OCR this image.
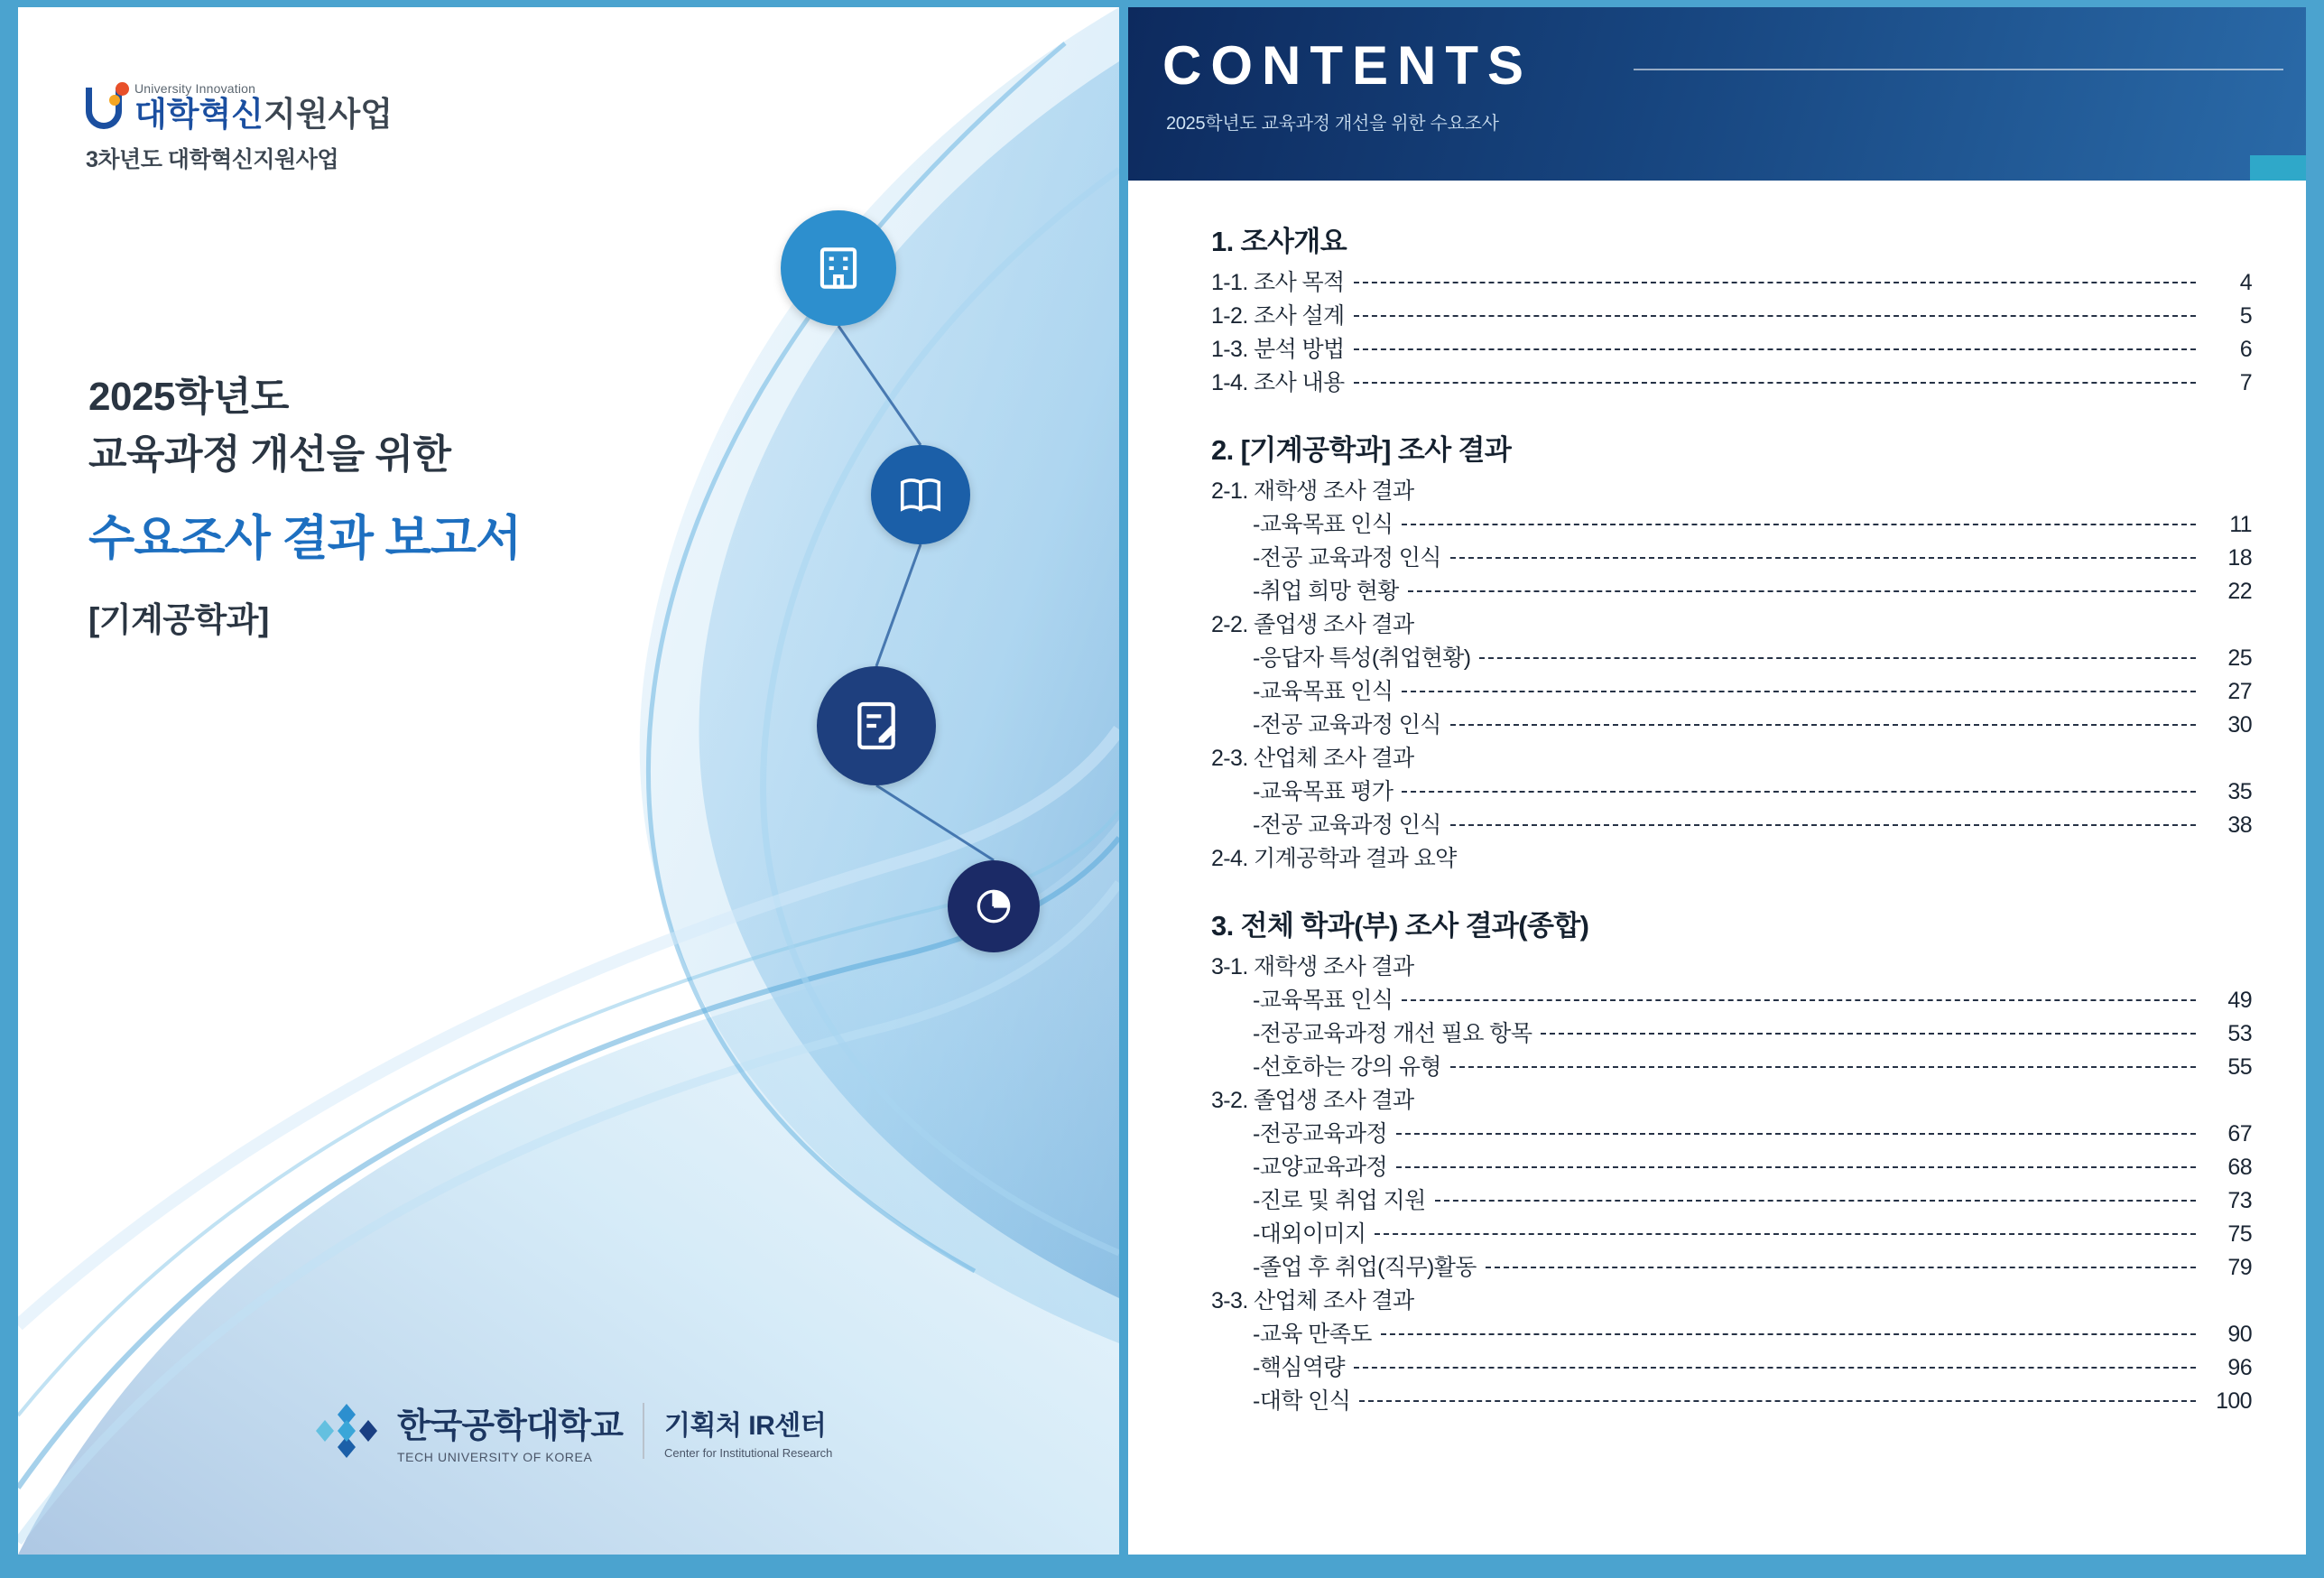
University Innovation
대학혁신지원사업
3차년도 대학혁신지원사업
2025학년도
교육과정 개선을 위한
수요조사 결과 보고서
[기계공학과]
한국공학대학교
TECH UNIVERSITY OF KOREA
기획처 IR센터
Center for Institutional Research
CONTENTS
2025학년도 교육과정 개선을 위한 수요조사
1. 조사개요
1-1. 조사 목적	4
1-2. 조사 설계	5
1-3. 분석 방법	6
1-4. 조사 내용	7
2. [기계공학과] 조사 결과
2-1. 재학생 조사 결과
-교육목표 인식	11
-전공 교육과정 인식	18
-취업 희망 현황	22
2-2. 졸업생 조사 결과
-응답자 특성(취업현황)	25
-교육목표 인식	27
-전공 교육과정 인식	30
2-3. 산업체 조사 결과
-교육목표 평가	35
-전공 교육과정 인식	38
2-4. 기계공학과 결과 요약
3. 전체 학과(부) 조사 결과(종합)
3-1. 재학생 조사 결과
-교육목표 인식	49
-전공교육과정 개선 필요 항목	53
-선호하는 강의 유형	55
3-2. 졸업생 조사 결과
-전공교육과정	67
-교양교육과정	68
-진로 및 취업 지원	73
-대외이미지	75
-졸업 후 취업(직무)활동	79
3-3. 산업체 조사 결과
-교육 만족도	90
-핵심역량	96
-대학 인식	100
